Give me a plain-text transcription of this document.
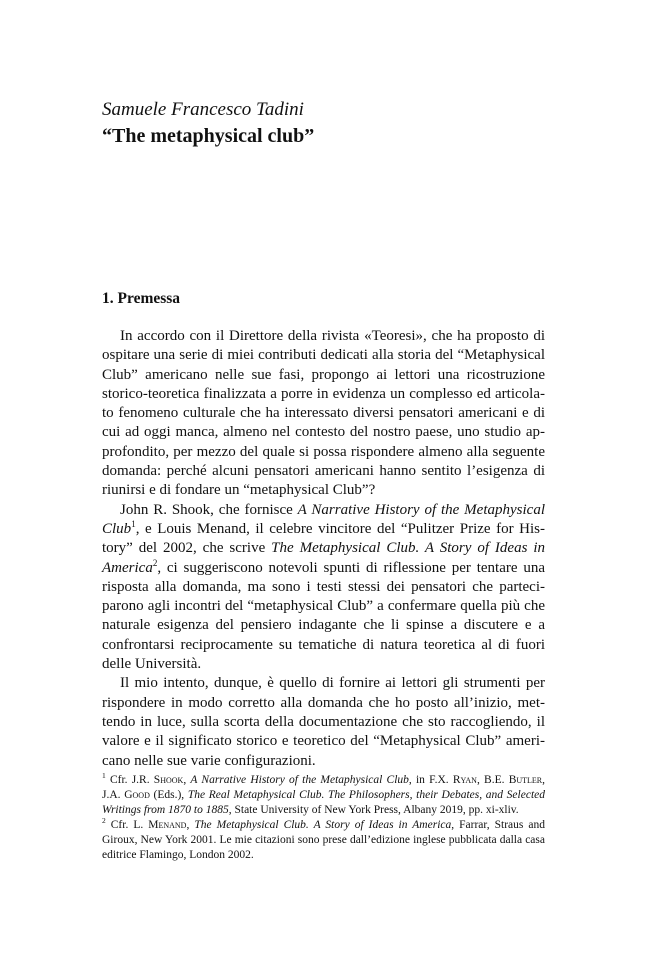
Samuele Francesco Tadini
“The metaphysical club”
1. Premessa

In accordo con il Direttore della rivista «Teoresi», che ha proposto di ospitare una serie di miei contributi dedicati alla storia del “Metaphysical Club” americano nelle sue fasi, propongo ai lettori una ricostruzione storico-teoretica finalizzata a porre in evidenza un complesso ed articolato fenomeno culturale che ha interessato diversi pensatori americani e di cui ad oggi manca, almeno nel contesto del nostro paese, uno studio approfondito, per mezzo del quale si possa rispondere almeno alla seguente domanda: perché alcuni pensatori americani hanno sentito l’esigenza di riunirsi e di fondare un “metaphysical Club”?

John R. Shook, che fornisce A Narrative History of the Metaphysical Club$^1$, e Louis Menand, il celebre vincitore del “Pulitzer Prize for History” del 2002, che scrive The Metaphysical Club. A Story of Ideas in America$^2$, ci suggeriscono notevoli spunti di riflessione per tentare una risposta alla domanda, ma sono i testi stessi dei pensatori che parteciparono agli incontri del “metaphysical Club” a confermare quella più che naturale esigenza del pensiero indagante che li spinse a discutere e a confrontarsi reciprocamente su tematiche di natura teoretica al di fuori delle Università.

Il mio intento, dunque, è quello di fornire ai lettori gli strumenti per rispondere in modo corretto alla domanda che ho posto all’inizio, mettendo in luce, sulla scorta della documentazione che sto raccogliendo, il valore e il significato storico e teoretico del “Metaphysical Club” americano nelle sue varie configurazioni.

$^1$ Cfr. J.R. Shook, A Narrative History of the Metaphysical Club, in F.X. Ryan, B.E. Butler, J.A. Good (Eds.), The Real Metaphysical Club. The Philosophers, their Debates, and Selected Writings from 1870 to 1885, State University of New York Press, Albany 2019, pp. xi-xliv.

$^2$ Cfr. L. Menand, The Metaphysical Club. A Story of Ideas in America, Farrar, Straus and Giroux, New York 2001. Le mie citazioni sono prese dall’edizione inglese pubblicata dalla casa editrice Flamingo, London 2002.
